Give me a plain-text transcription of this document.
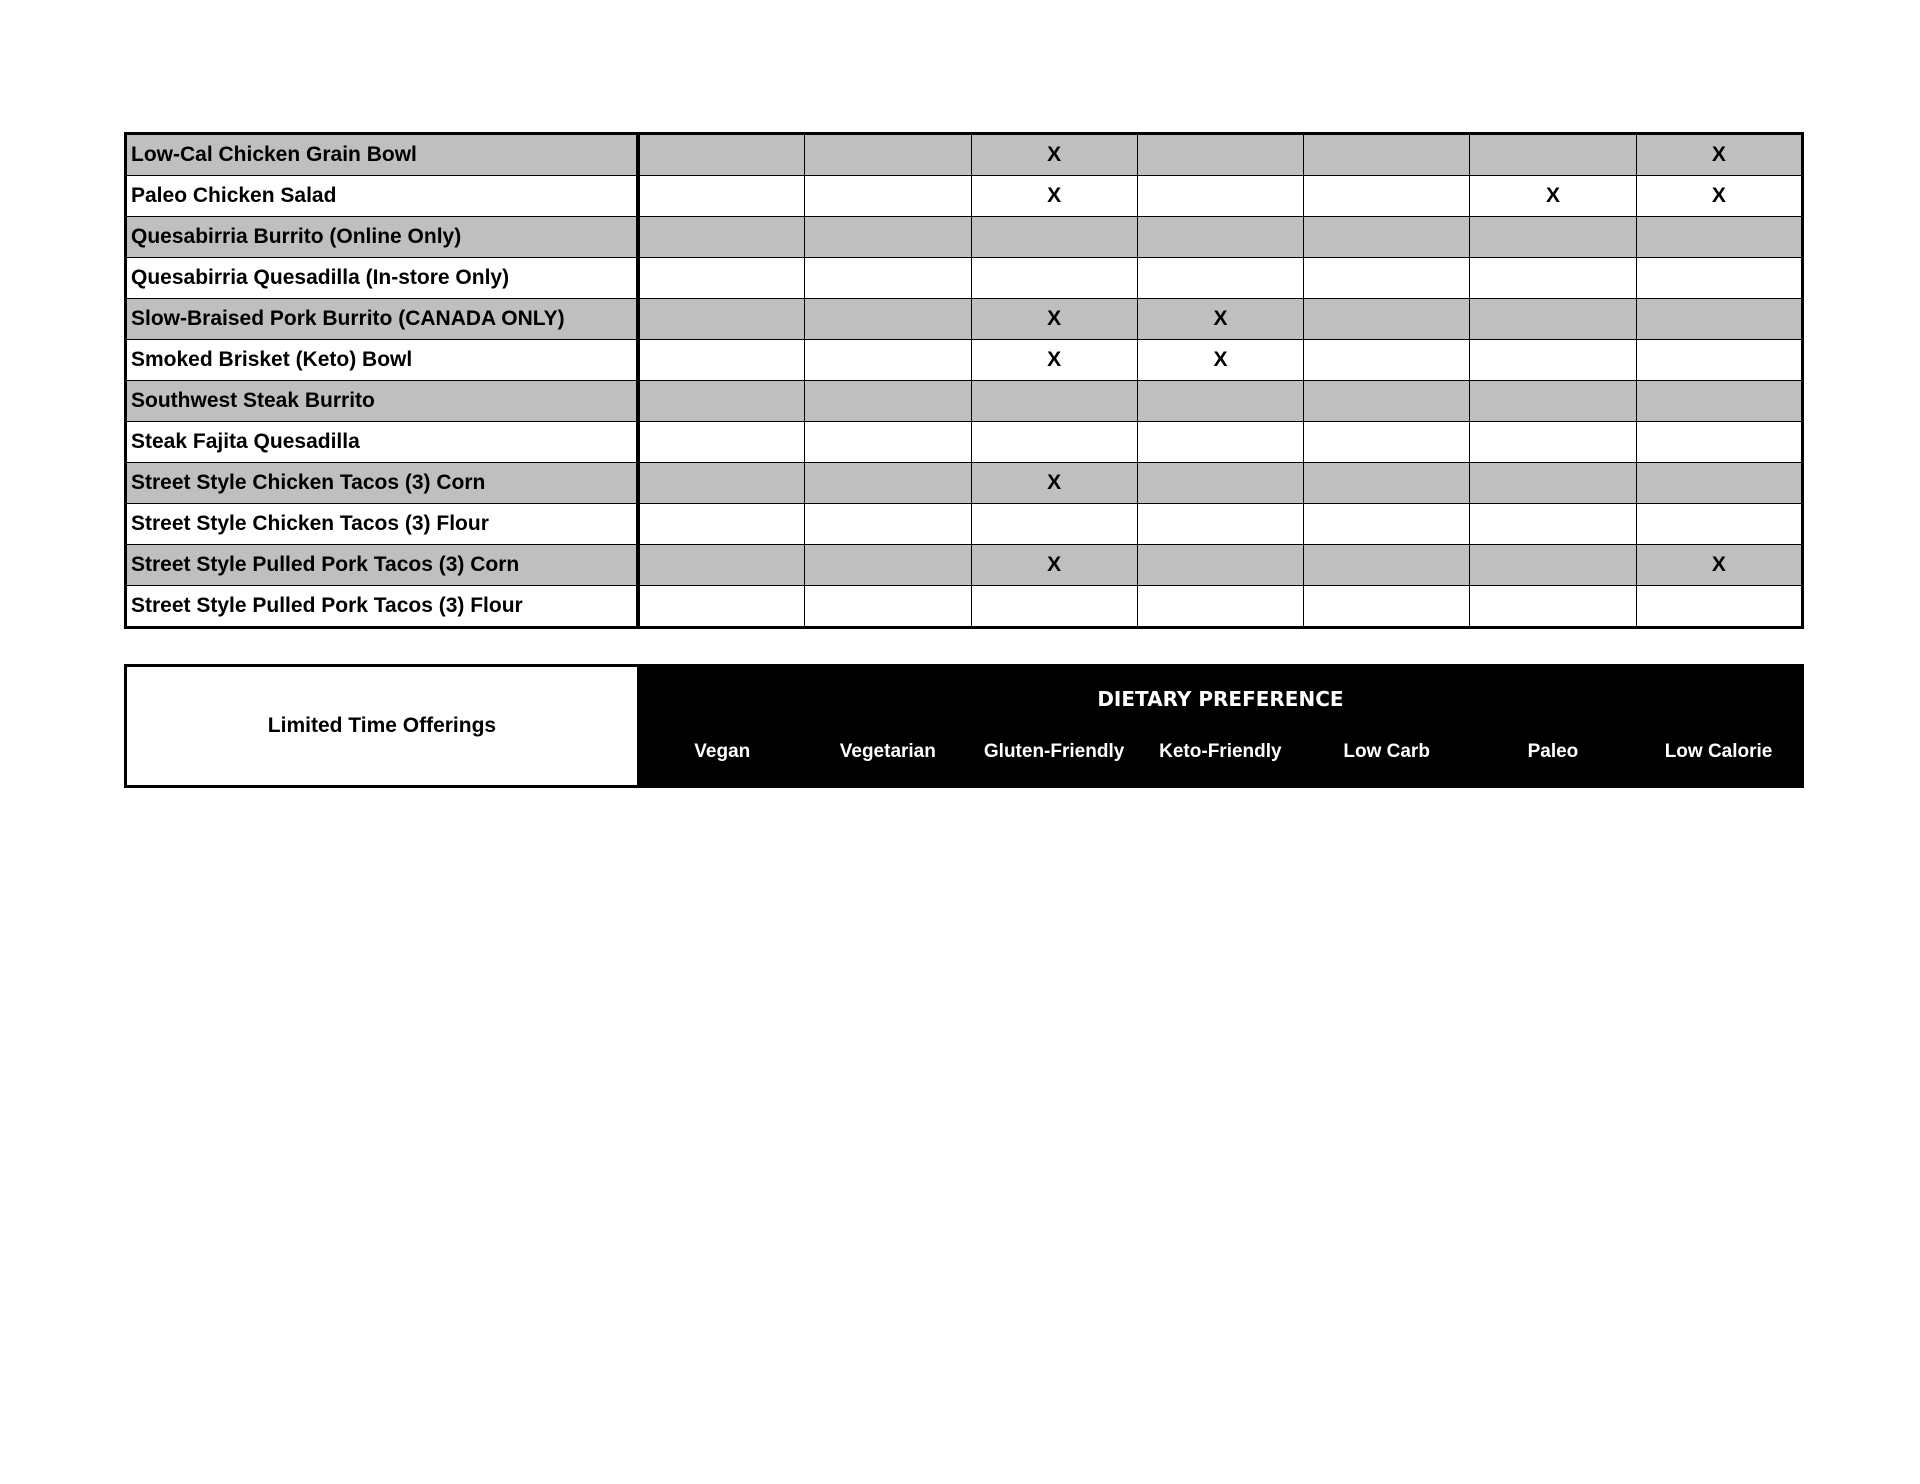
Low-Cal Chicken Grain Bowl			X				X
Paleo Chicken Salad			X			X	X
Quesabirria Burrito (Online Only)							
Quesabirria Quesadilla (In-store Only)							
Slow-Braised Pork Burrito (CANADA ONLY)			X	X			
Smoked Brisket (Keto) Bowl			X	X			
Southwest Steak Burrito							
Steak Fajita Quesadilla							
Street Style Chicken Tacos (3) Corn			X				
Street Style Chicken Tacos (3) Flour							
Street Style Pulled Pork Tacos (3) Corn			X				X
Street Style Pulled Pork Tacos (3) Flour							
Limited Time Offerings	DIETARY PREFERENCE						
	Vegan	Vegetarian	Gluten-Friendly	Keto-Friendly	Low Carb	Paleo	Low Calorie
